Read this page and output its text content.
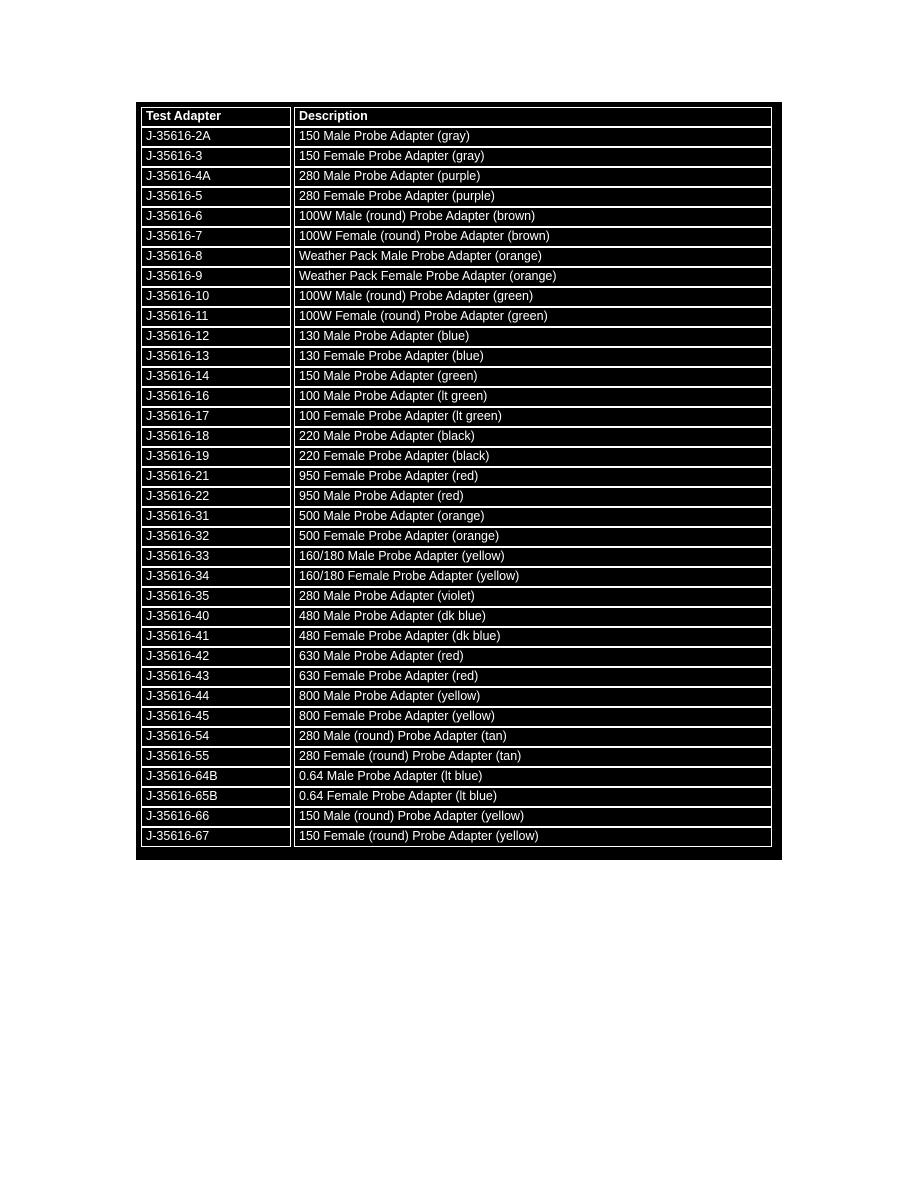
Test Adapter	Description
J-35616-2A	150 Male Probe Adapter (gray)
J-35616-3	150 Female Probe Adapter (gray)
J-35616-4A	280 Male Probe Adapter (purple)
J-35616-5	280 Female Probe Adapter (purple)
J-35616-6	100W Male (round) Probe Adapter (brown)
J-35616-7	100W Female (round) Probe Adapter (brown)
J-35616-8	Weather Pack Male Probe Adapter (orange)
J-35616-9	Weather Pack Female Probe Adapter (orange)
J-35616-10	100W Male (round) Probe Adapter (green)
J-35616-11	100W Female (round) Probe Adapter (green)
J-35616-12	130 Male Probe Adapter (blue)
J-35616-13	130 Female Probe Adapter (blue)
J-35616-14	150 Male Probe Adapter (green)
J-35616-16	100 Male Probe Adapter (lt green)
J-35616-17	100 Female Probe Adapter (lt green)
J-35616-18	220 Male Probe Adapter (black)
J-35616-19	220 Female Probe Adapter (black)
J-35616-21	950 Female Probe Adapter (red)
J-35616-22	950 Male Probe Adapter (red)
J-35616-31	500 Male Probe Adapter (orange)
J-35616-32	500 Female Probe Adapter (orange)
J-35616-33	160/180 Male Probe Adapter (yellow)
J-35616-34	160/180 Female Probe Adapter (yellow)
J-35616-35	280 Male Probe Adapter (violet)
J-35616-40	480 Male Probe Adapter (dk blue)
J-35616-41	480 Female Probe Adapter (dk blue)
J-35616-42	630 Male Probe Adapter (red)
J-35616-43	630 Female Probe Adapter (red)
J-35616-44	800 Male Probe Adapter (yellow)
J-35616-45	800 Female Probe Adapter (yellow)
J-35616-54	280 Male (round) Probe Adapter (tan)
J-35616-55	280 Female (round) Probe Adapter (tan)
J-35616-64B	0.64 Male Probe Adapter (lt blue)
J-35616-65B	0.64 Female Probe Adapter (lt blue)
J-35616-66	150 Male (round) Probe Adapter (yellow)
J-35616-67	150 Female (round) Probe Adapter (yellow)
